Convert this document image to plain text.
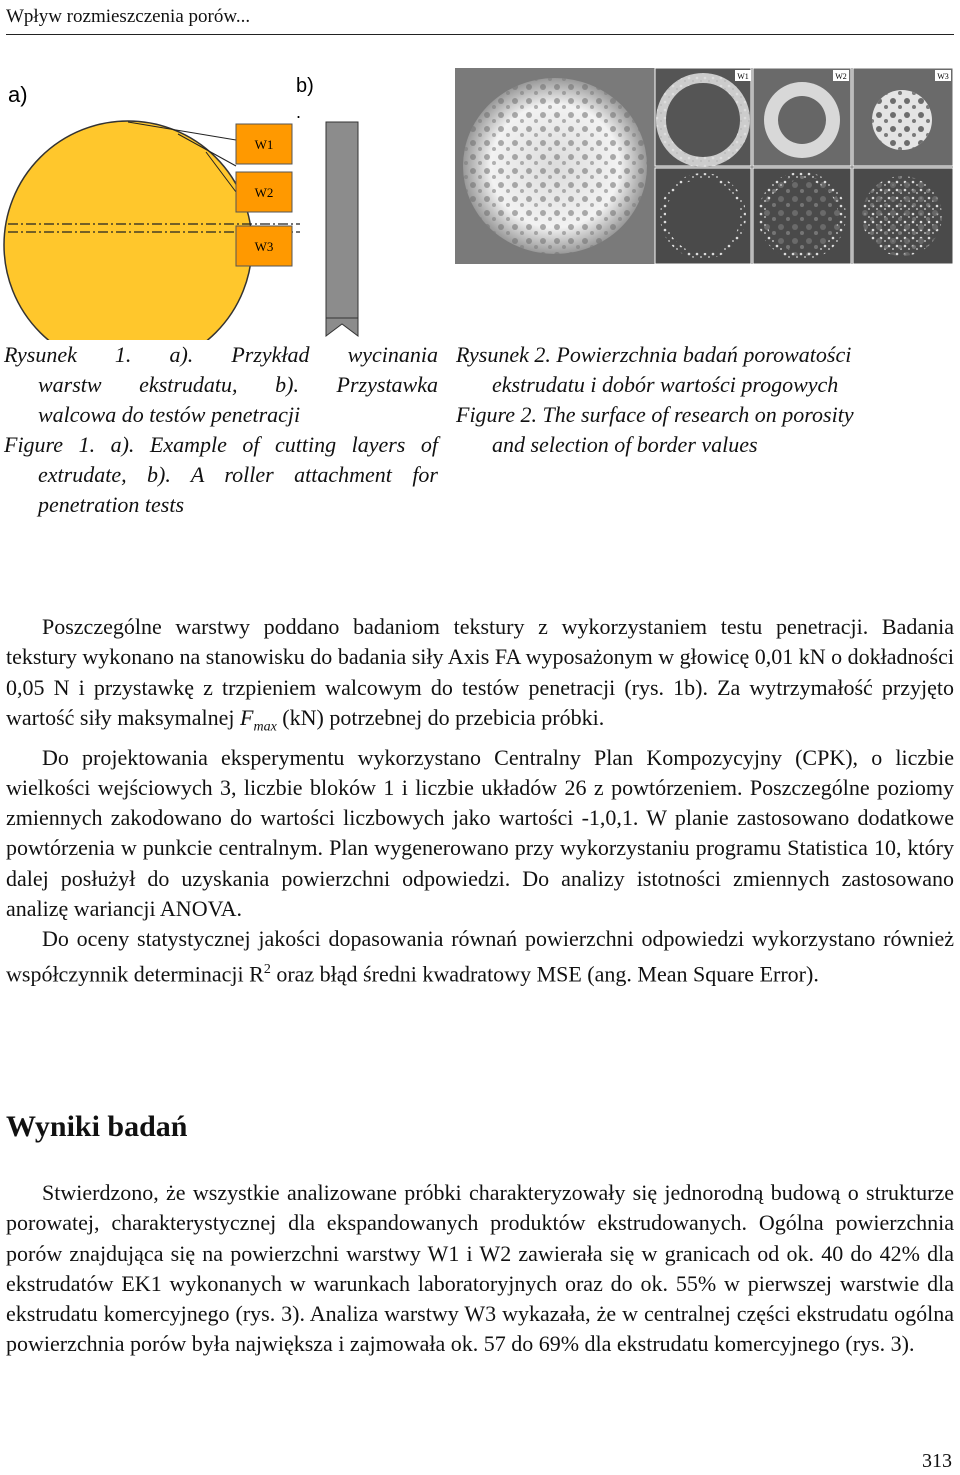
Wpływ rozmieszczenia porów...
a)	b)
.
W1
W2
W3
W1	W2	W3
Rysunek 1. a). Przykład wycinania
warstw ekstrudatu, b). Przystawka
walcowa do testów penetracji
Figure 1. a). Example of cutting layers of
extrudate, b). A roller attachment for
penetration tests
Rysunek 2. Powierzchnia badań porowatości
ekstrudatu i dobór wartości progowych
Figure 2. The surface of research on porosity
and selection of border values

Poszczególne warstwy poddano badaniom tekstury z wykorzystaniem testu penetracji. Badania tekstury wykonano na stanowisku do badania siły Axis FA wyposażonym w głowicę 0,01 kN o dokładności 0,05 N i przystawkę z trzpieniem walcowym do testów penetracji (rys. 1b). Za wytrzymałość przyjęto wartość siły maksymalnej $F_{max}$ (kN) potrzebnej do przebicia próbki.

Do projektowania eksperymentu wykorzystano Centralny Plan Kompozycyjny (CPK), o liczbie wielkości wejściowych 3, liczbie bloków 1 i liczbie układów 26 z powtórzeniem. Poszczególne poziomy zmiennych zakodowano do wartości liczbowych jako wartości -1,0,1. W planie zastosowano dodatkowe powtórzenia w punkcie centralnym. Plan wygenerowano przy wykorzystaniu programu Statistica 10, który dalej posłużył do uzyskania powierzchni odpowiedzi. Do analizy istotności zmiennych zastosowano analizę wariancji ANOVA.

Do oceny statystycznej jakości dopasowania równań powierzchni odpowiedzi wykorzystano również współczynnik determinacji $R^2$ oraz błąd średni kwadratowy MSE (ang. Mean Square Error).

Wyniki badań

Stwierdzono, że wszystkie analizowane próbki charakteryzowały się jednorodną budową o strukturze porowatej, charakterystycznej dla ekspandowanych produktów ekstrudowanych. Ogólna powierzchnia porów znajdująca się na powierzchni warstwy W1 i W2 zawierała się w granicach od ok. 40 do 42% dla ekstrudatów EK1 wykonanych w warunkach laboratoryjnych oraz do ok. 55% w pierwszej warstwie dla ekstrudatu komercyjnego (rys. 3). Analiza warstwy W3 wykazała, że w centralnej części ekstrudatu ogólna powierzchnia porów była największa i zajmowała ok. 57 do 69% dla ekstrudatu komercyjnego (rys. 3).

313
